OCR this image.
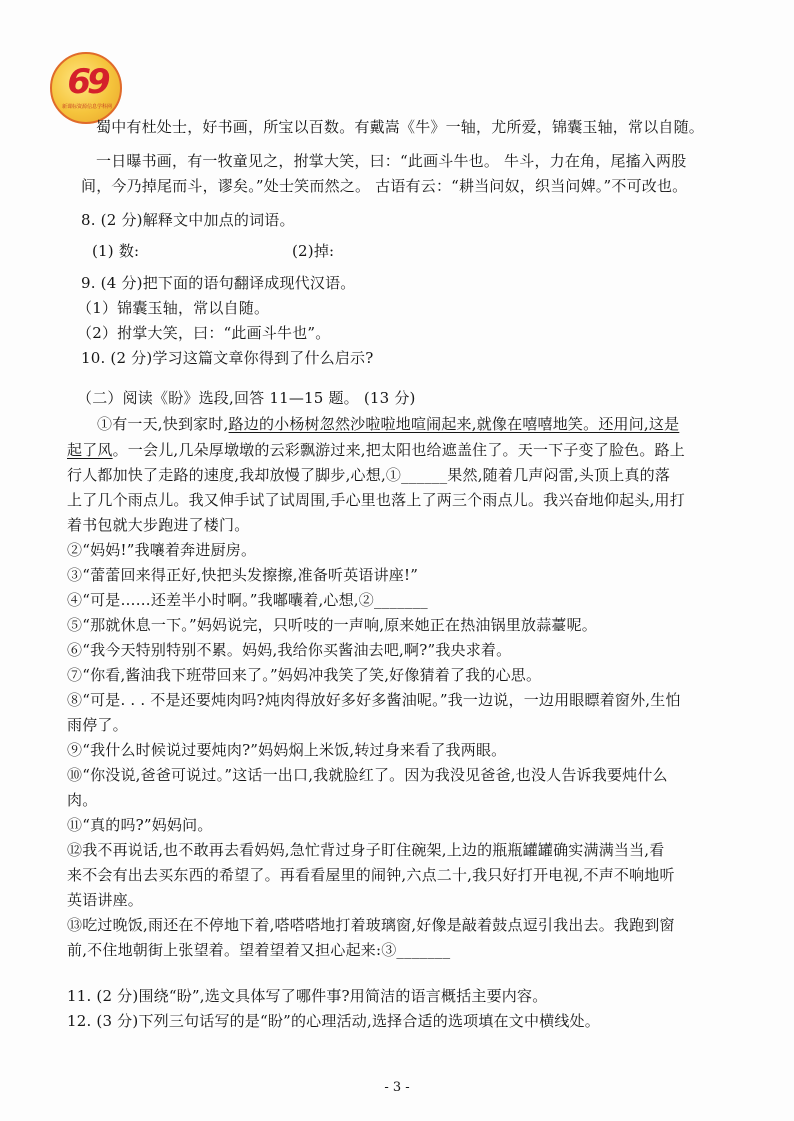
69
新课标资源信息学科网
蜀中有杜处士，好书画，所宝以百数。有戴嵩《牛》一轴，尤所爱，锦囊玉轴，常以自随。
一日曝书画，有一牧童见之，拊掌大笑，曰：“此画斗牛也。 牛斗，力在角，尾搐入两股
间，今乃掉尾而斗，谬矣。”处士笑而然之。 古语有云：“耕当问奴，织当问婢。”不可改也。
8. (2 分)解释文中加点的词语。
(1) 数:	(2)掉:
9. (4 分)把下面的语句翻译成现代汉语。
（1）锦囊玉轴，常以自随。
（2）拊掌大笑，曰：“此画斗牛也”。
10. (2 分)学习这篇文章你得到了什么启示?
（二）阅读《盼》选段,回答 11—15 题。 (13 分)
①有一天,快到家时,路边的小杨树忽然沙啦啦地喧闹起来,就像在嘻嘻地笑。还用问,这是
起了风。一会儿,几朵厚墩墩的云彩飘游过来,把太阳也给遮盖住了。天一下子变了脸色。路上
行人都加快了走路的速度,我却放慢了脚步,心想,①______果然,随着几声闷雷,头顶上真的落
上了几个雨点儿。我又伸手试了试周围,手心里也落上了两三个雨点儿。我兴奋地仰起头,用打
着书包就大步跑进了楼门。
②“妈妈!”我嚷着奔进厨房。
③“蕾蕾回来得正好,快把头发擦擦,准备听英语讲座!”
④“可是……还差半小时啊。”我嘟囔着,心想,②_______
⑤“那就休息一下。”妈妈说完，只听吱的一声响,原来她正在热油锅里放蒜薹呢。
⑥“我今天特别特别不累。妈妈,我给你买酱油去吧,啊?”我央求着。
⑦“你看,酱油我下班带回来了。”妈妈冲我笑了笑,好像猜着了我的心思。
⑧“可是. . . 不是还要炖肉吗?炖肉得放好多好多酱油呢。”我一边说，一边用眼瞟着窗外,生怕
雨停了。
⑨“我什么时候说过要炖肉?”妈妈焖上米饭,转过身来看了我两眼。
⑩“你没说,爸爸可说过。”这话一出口,我就脸红了。因为我没见爸爸,也没人告诉我要炖什么
肉。
⑪“真的吗?”妈妈问。
⑫我不再说话,也不敢再去看妈妈,急忙背过身子盯住碗架,上边的瓶瓶罐罐确实满满当当,看
来不会有出去买东西的希望了。再看看屋里的闹钟,六点二十,我只好打开电视,不声不响地听
英语讲座。
⑬吃过晚饭,雨还在不停地下着,嗒嗒嗒地打着玻璃窗,好像是敲着鼓点逗引我出去。我跑到窗
前,不住地朝街上张望着。望着望着又担心起来:③_______
11. (2 分)围绕“盼”,选文具体写了哪件事?用简洁的语言概括主要内容。
12. (3 分)下列三句话写的是“盼”的心理活动,选择合适的选项填在文中横线处。
- 3 -
